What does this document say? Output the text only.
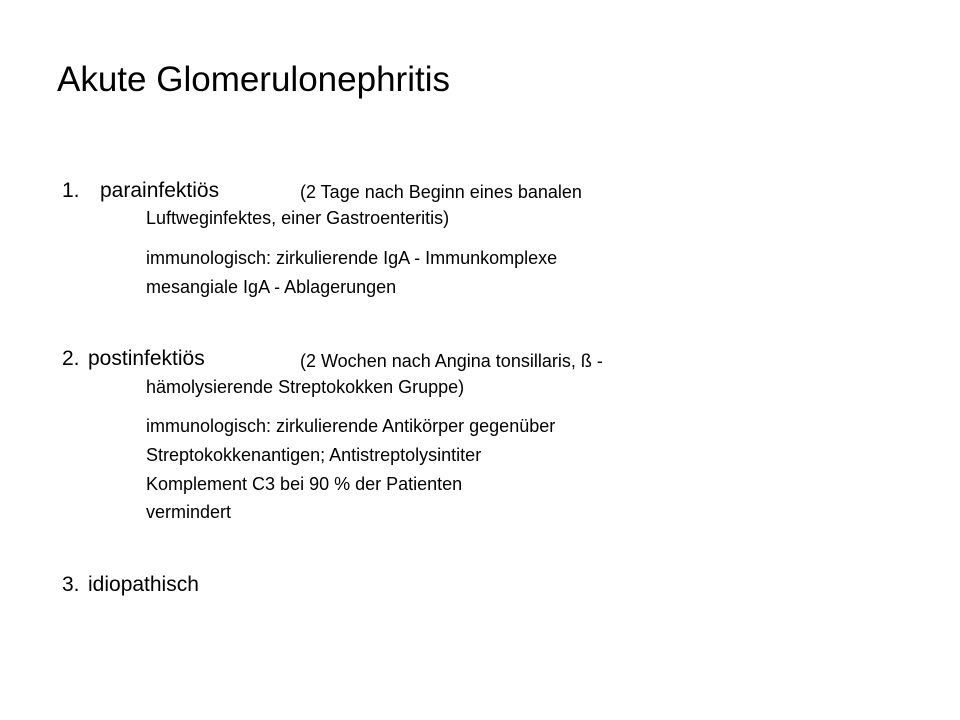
Akute Glomerulonephritis
1. parainfektiös	(2 Tage nach Beginn eines banalen
Luftweginfektes, einer Gastroenteritis)
immunologisch: zirkulierende IgA - Immunkomplexe
mesangiale IgA - Ablagerungen
2. postinfektiös	(2 Wochen nach Angina tonsillaris, ß -
hämolysierende Streptokokken Gruppe)
immunologisch: zirkulierende Antikörper gegenüber
Streptokokkenantigen; Antistreptolysintiter
Komplement C3 bei 90 % der Patienten
vermindert
3. idiopathisch
